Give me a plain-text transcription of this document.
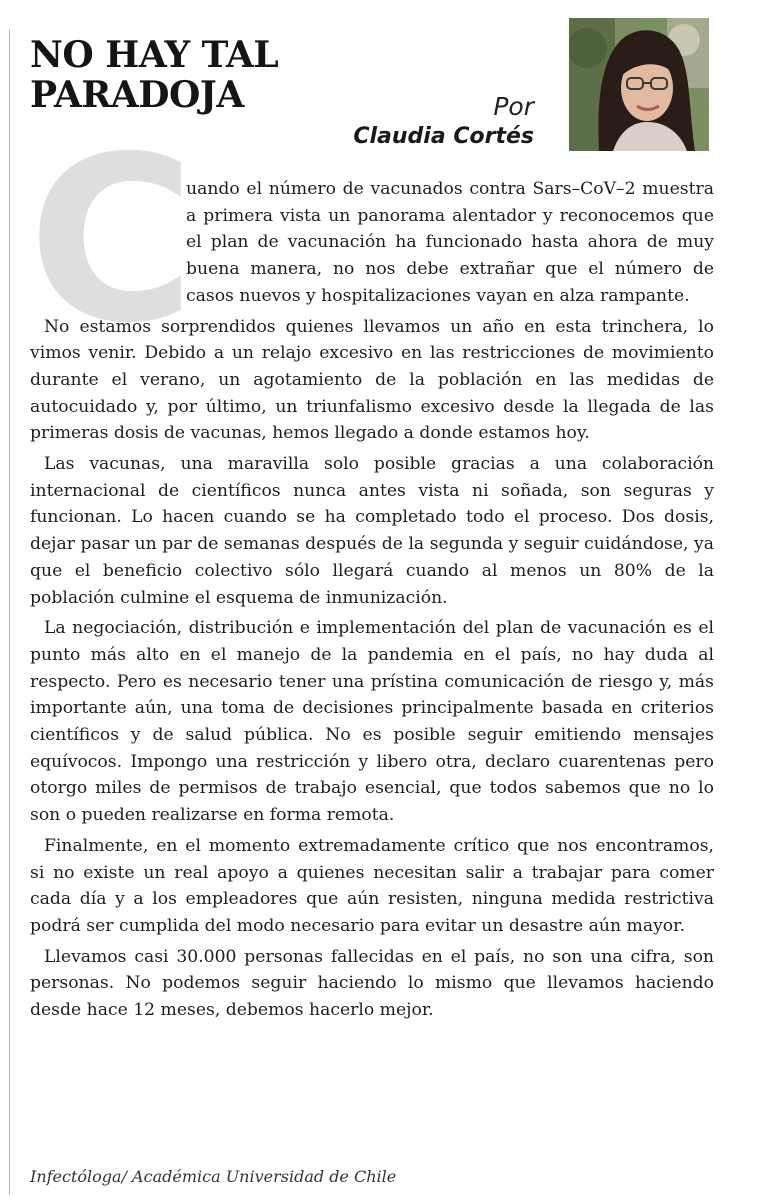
NO HAY TAL PARADOJA	Por
Claudia Cortés
C

uando el número de vacunados contra Sars–CoV–2 muestra a primera vista un panorama alentador y reconocemos que el plan de vacunación ha funcionado hasta ahora de muy buena manera, no nos debe extrañar que el número de casos nuevos y hospitalizaciones vayan en alza rampante.

No estamos sorprendidos quienes llevamos un año en esta trinchera, lo vimos venir. Debido a un relajo excesivo en las restricciones de movimiento durante el verano, un agotamiento de la población en las medidas de autocuidado y, por último, un triunfalismo excesivo desde la llegada de las primeras dosis de vacunas, hemos llegado a donde estamos hoy.

Las vacunas, una maravilla solo posible gracias a una colaboración internacional de científicos nunca antes vista ni soñada, son seguras y funcionan. Lo hacen cuando se ha completado todo el proceso. Dos dosis, dejar pasar un par de semanas después de la segunda y seguir cuidándose, ya que el beneficio colectivo sólo llegará cuando al menos un 80% de la población culmine el esquema de inmunización.

La negociación, distribución e implementación del plan de vacunación es el punto más alto en el manejo de la pandemia en el país, no hay duda al respecto. Pero es necesario tener una prístina comunicación de riesgo y, más importante aún, una toma de decisiones principalmente basada en criterios científicos y de salud pública. No es posible seguir emitiendo mensajes equívocos. Impongo una restricción y libero otra, declaro cuarentenas pero otorgo miles de permisos de trabajo esencial, que todos sabemos que no lo son o pueden realizarse en forma remota.

Finalmente, en el momento extremadamente crítico que nos encontramos, si no existe un real apoyo a quienes necesitan salir a trabajar para comer cada día y a los empleadores que aún resisten, ninguna medida restrictiva podrá ser cumplida del modo necesario para evitar un desastre aún mayor.

Llevamos casi 30.000 personas fallecidas en el país, no son una cifra, son personas. No podemos seguir haciendo lo mismo que llevamos haciendo desde hace 12 meses, debemos hacerlo mejor.

Infectóloga/ Académica Universidad de Chile
